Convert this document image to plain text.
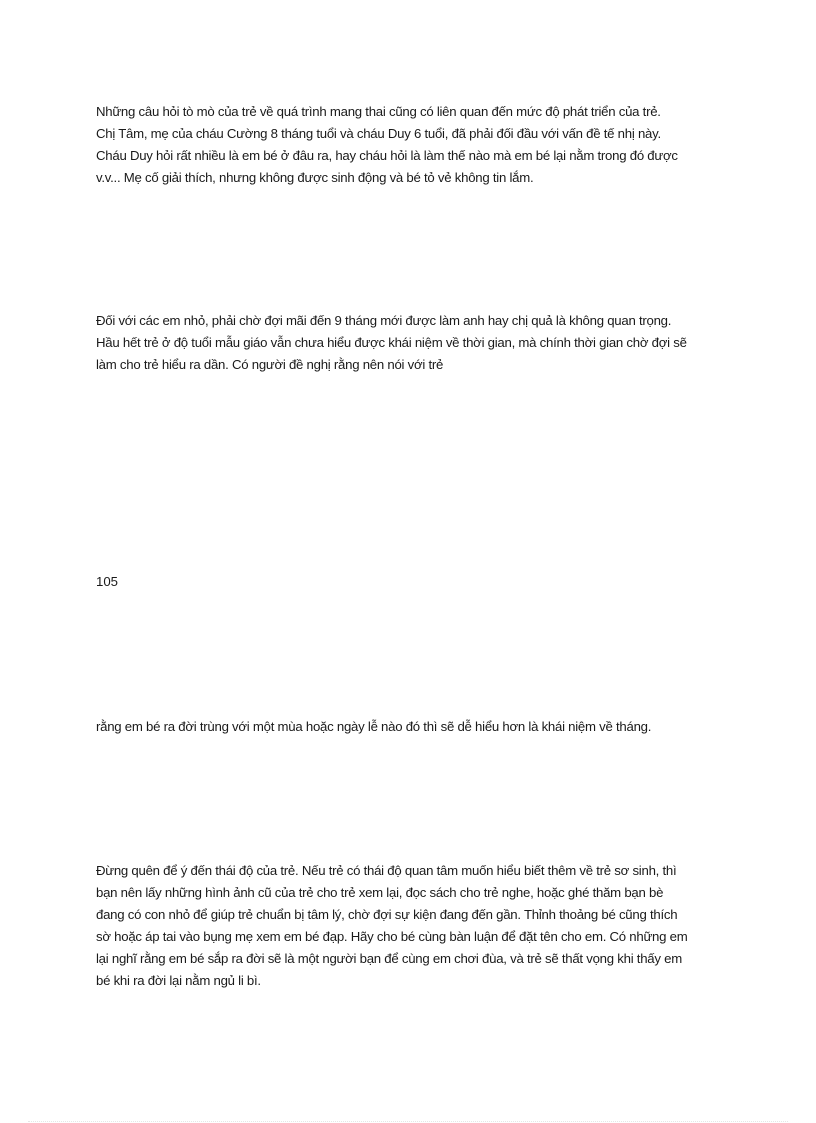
Những câu hỏi tò mò của trẻ về quá trình mang thai cũng có liên quan đến mức độ phát triển của trẻ.
Chị Tâm, mẹ của cháu Cường 8 tháng tuổi và cháu Duy 6 tuổi, đã phải đối đầu với vấn đề tế nhị này.
Cháu Duy hỏi rất nhiều là em bé ở đâu ra, hay cháu hỏi là làm thế nào mà em bé lại nằm trong đó được
v.v... Mẹ cố giải thích, nhưng không được sinh động và bé tỏ vẻ không tin lắm.
Đối với các em nhỏ, phải chờ đợi mãi đến 9 tháng mới được làm anh hay chị quả là không quan trọng.
Hầu hết trẻ ở độ tuổi mẫu giáo vẫn chưa hiểu được khái niệm về thời gian, mà chính thời gian chờ đợi sẽ
làm cho trẻ hiểu ra dần. Có người đề nghị rằng nên nói với trẻ
105
rằng em bé ra đời trùng với một mùa hoặc ngày lễ nào đó thì sẽ dễ hiểu hơn là khái niệm về tháng.
Đừng quên để ý đến thái độ của trẻ. Nếu trẻ có thái độ quan tâm muốn hiểu biết thêm về trẻ sơ sinh, thì
bạn nên lấy những hình ảnh cũ của trẻ cho trẻ xem lại, đọc sách cho trẻ nghe, hoặc ghé thăm bạn bè
đang có con nhỏ để giúp trẻ chuẩn bị tâm lý, chờ đợi sự kiện đang đến gần. Thỉnh thoảng bé cũng thích
sờ hoặc áp tai vào bụng mẹ xem em bé đạp. Hãy cho bé cùng bàn luận để đặt tên cho em. Có những em
lại nghĩ rằng em bé sắp ra đời sẽ là một người bạn để cùng em chơi đùa, và trẻ sẽ thất vọng khi thấy em
bé khi ra đời lại nằm ngủ li bì.
